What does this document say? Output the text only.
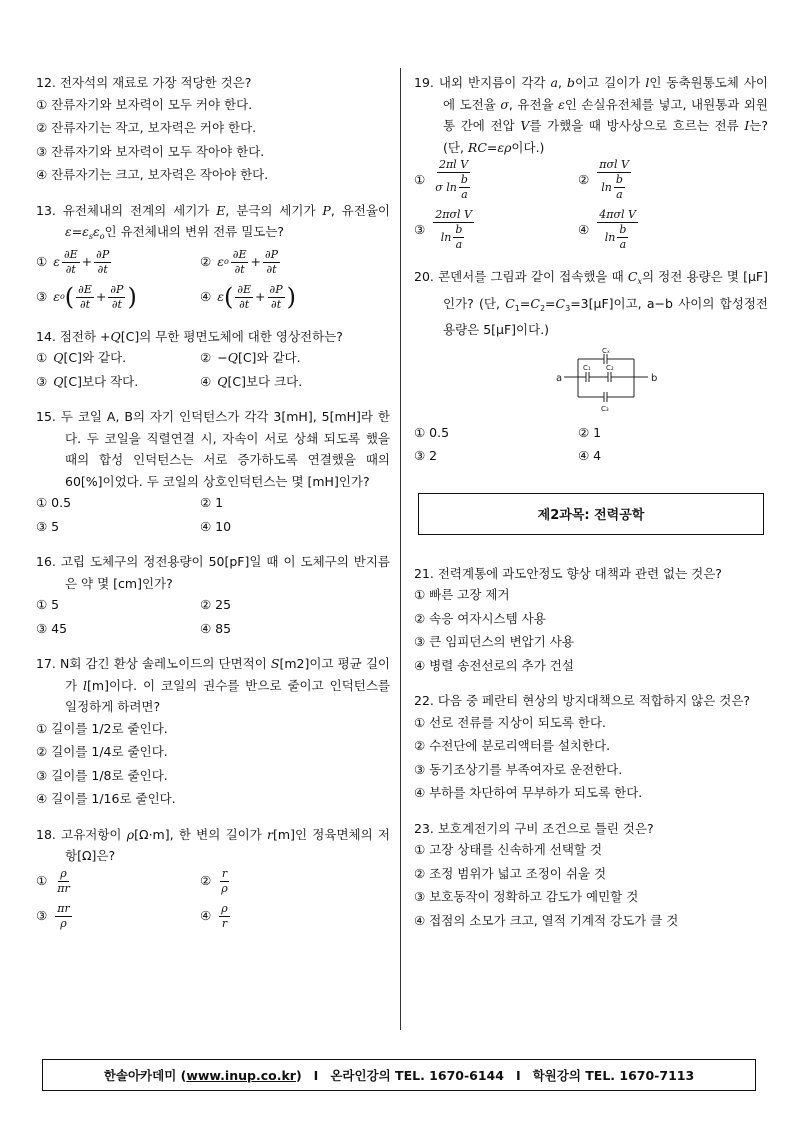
12. 전자석의 재료로 가장 적당한 것은?
① 잔류자기와 보자력이 모두 커야 한다.
② 잔류자기는 작고, 보자력은 커야 한다.
③ 잔류자기와 보자력이 모두 작아야 한다.
④ 잔류자기는 크고, 보자력은 작아야 한다.
13. 유전체내의 전계의 세기가 E, 분극의 세기가 P, 유전율이 $\varepsilon=\varepsilon_s\varepsilon_o$인 유전체내의 변위 전류 밀도는?
① ε $\frac{\partial E}{\partial t} + \frac{\partial P}{\partial t}$	② ε o $\frac{\partial E}{\partial t} + \frac{\partial P}{\partial t}$
③ ε o ( $\frac{\partial E}{\partial t} + \frac{\partial P}{\partial t}$ )	④ ε ( $\frac{\partial E}{\partial t} + \frac{\partial P}{\partial t}$ )
14. 점전하 +Q[C]의 무한 평면도체에 대한 영상전하는?
① Q [C]와 같다.	② − Q [C]와 같다.
③ Q [C]보다 작다.	④ Q [C]보다 크다.
15. 두 코일 A, B의 자기 인덕턴스가 각각 3[mH], 5[mH]라 한다. 두 코일을 직렬연결 시, 자속이 서로 상쇄 되도록 했을 때의 합성 인덕턴스는 서로 증가하도록 연결했을 때의 60[%]이었다. 두 코일의 상호인덕턴스는 몇 [mH]인가?
① 0.5	② 1
③ 5	④ 10
16. 고립 도체구의 정전용량이 50[pF]일 때 이 도체구의 반지름은 약 몇 [cm]인가?
① 5	② 25
③ 45	④ 85
17. N회 감긴 환상 솔레노이드의 단면적이 S[m2]이고 평균 길이가 l[m]이다. 이 코일의 권수를 반으로 줄이고 인덕턴스를 일정하게 하려면?
① 길이를 1/2로 줄인다.
② 길이를 1/4로 줄인다.
③ 길이를 1/8로 줄인다.
④ 길이를 1/16로 줄인다.
18. 고유저항이 ρ[Ω·m], 한 변의 길이가 r[m]인 정육면체의 저항[Ω]은?
① $\frac{\rho}{\pi r}$	② $\frac{r}{\rho}$
③ $\frac{\pi r}{\rho}$	④ $\frac{\rho}{r}$
19. 내외 반지름이 각각 a, b이고 길이가 l인 동축원통도체 사이에 도전율 σ, 유전율 ε인 손실유전체를 넣고, 내원통과 외원통 간에 전압 V를 가했을 때 방사상으로 흐르는 전류 I는? (단, RC=ερ이다.)
① $\frac{\text{2πl V}}{\sigma \ln \frac{b}{a}}$	② $\frac{\text{πσl V}}{\ln \frac{b}{a}}$
③ $\frac{\text{2πσl V}}{\ln \frac{b}{a}}$	④ $\frac{\text{4πσl V}}{\ln \frac{b}{a}}$
20. 콘덴서를 그림과 같이 접속했을 때 $C_x$의 정전 용량은 몇 [μF]인가? (단, $C_1=C_2=C_3=3[\mu F]$이고, a−b 사이의 합성정전 용량은 5[μF]이다.)
a	b
Cₓ
C₁ C₂
C₃
① 0.5	② 1
③ 2	④ 4
제2과목: 전력공학
21. 전력계통에 과도안정도 향상 대책과 관련 없는 것은?
① 빠른 고장 제거
② 속응 여자시스템 사용
③ 큰 임피던스의 변압기 사용
④ 병렬 송전선로의 추가 건설
22. 다음 중 페란티 현상의 방지대책으로 적합하지 않은 것은?
① 선로 전류를 지상이 되도록 한다.
② 수전단에 분로리액터를 설치한다.
③ 동기조상기를 부족여자로 운전한다.
④ 부하를 차단하여 무부하가 되도록 한다.
23. 보호계전기의 구비 조건으로 틀린 것은?
① 고장 상태를 신속하게 선택할 것
② 조정 범위가 넓고 조정이 쉬울 것
③ 보호동작이 정확하고 감도가 예민할 것
④ 접점의 소모가 크고, 열적 기계적 강도가 클 것
한솔아카데미 ( www.inup.co.kr ) I 온라인강의 TEL. 1670-6144 I 학원강의 TEL. 1670-7113
